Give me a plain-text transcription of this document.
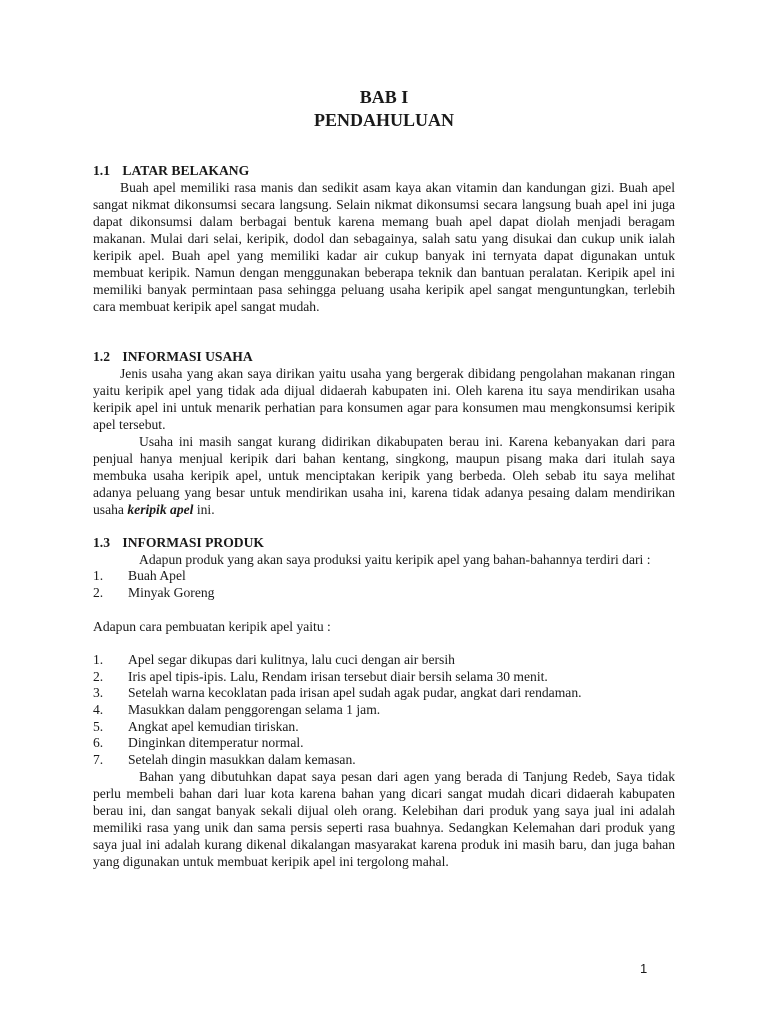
BAB I
PENDAHULUAN
1.1 LATAR BELAKANG

Buah apel memiliki rasa manis dan sedikit asam kaya akan vitamin dan kandungan gizi. Buah apel sangat nikmat dikonsumsi secara langsung. Selain nikmat dikonsumsi secara langsung buah apel ini juga dapat dikonsumsi dalam berbagai bentuk karena memang buah apel dapat diolah menjadi beragam makanan. Mulai dari selai, keripik, dodol dan sebagainya, salah satu yang disukai dan cukup unik ialah keripik apel. Buah apel yang memiliki kadar air cukup banyak ini ternyata dapat digunakan untuk membuat keripik. Namun dengan menggunakan beberapa teknik dan bantuan peralatan. Keripik apel ini memiliki banyak permintaan pasa sehingga peluang usaha keripik apel sangat menguntungkan, terlebih cara membuat keripik apel sangat mudah.

1.2 INFORMASI USAHA

Jenis usaha yang akan saya dirikan yaitu usaha yang bergerak dibidang pengolahan makanan ringan yaitu keripik apel yang tidak ada dijual didaerah kabupaten ini. Oleh karena itu saya mendirikan usaha keripik apel ini untuk menarik perhatian para konsumen agar para konsumen mau mengkonsumsi keripik apel tersebut.

Usaha ini masih sangat kurang didirikan dikabupaten berau ini. Karena kebanyakan dari para penjual hanya menjual keripik dari bahan kentang, singkong, maupun pisang maka dari itulah saya membuka usaha keripik apel, untuk menciptakan keripik yang berbeda. Oleh sebab itu saya melihat adanya peluang yang besar untuk mendirikan usaha ini, karena tidak adanya pesaing dalam mendirikan usaha keripik apel ini.

1.3 INFORMASI PRODUK

Adapun produk yang akan saya produksi yaitu keripik apel yang bahan-bahannya terdiri dari :

1.	Buah Apel
2.	Minyak Goreng

Adapun cara pembuatan keripik apel yaitu :

1.	Apel segar dikupas dari kulitnya, lalu cuci dengan air bersih
2.	Iris apel tipis-ipis. Lalu, Rendam irisan tersebut diair bersih selama 30 menit.
3.	Setelah warna kecoklatan pada irisan apel sudah agak pudar, angkat dari rendaman.
4.	Masukkan dalam penggorengan selama 1 jam.
5.	Angkat apel kemudian tiriskan.
6.	Dinginkan ditemperatur normal.
7.	Setelah dingin masukkan dalam kemasan.

Bahan yang dibutuhkan dapat saya pesan dari agen yang berada di Tanjung Redeb, Saya tidak perlu membeli bahan dari luar kota karena bahan yang dicari sangat mudah dicari didaerah kabupaten berau ini, dan sangat banyak sekali dijual oleh orang. Kelebihan dari produk yang saya jual ini adalah memiliki rasa yang unik dan sama persis seperti rasa buahnya. Sedangkan Kelemahan dari produk yang saya jual ini adalah kurang dikenal dikalangan masyarakat karena produk ini masih baru, dan juga bahan yang digunakan untuk membuat keripik apel ini tergolong mahal.

1
